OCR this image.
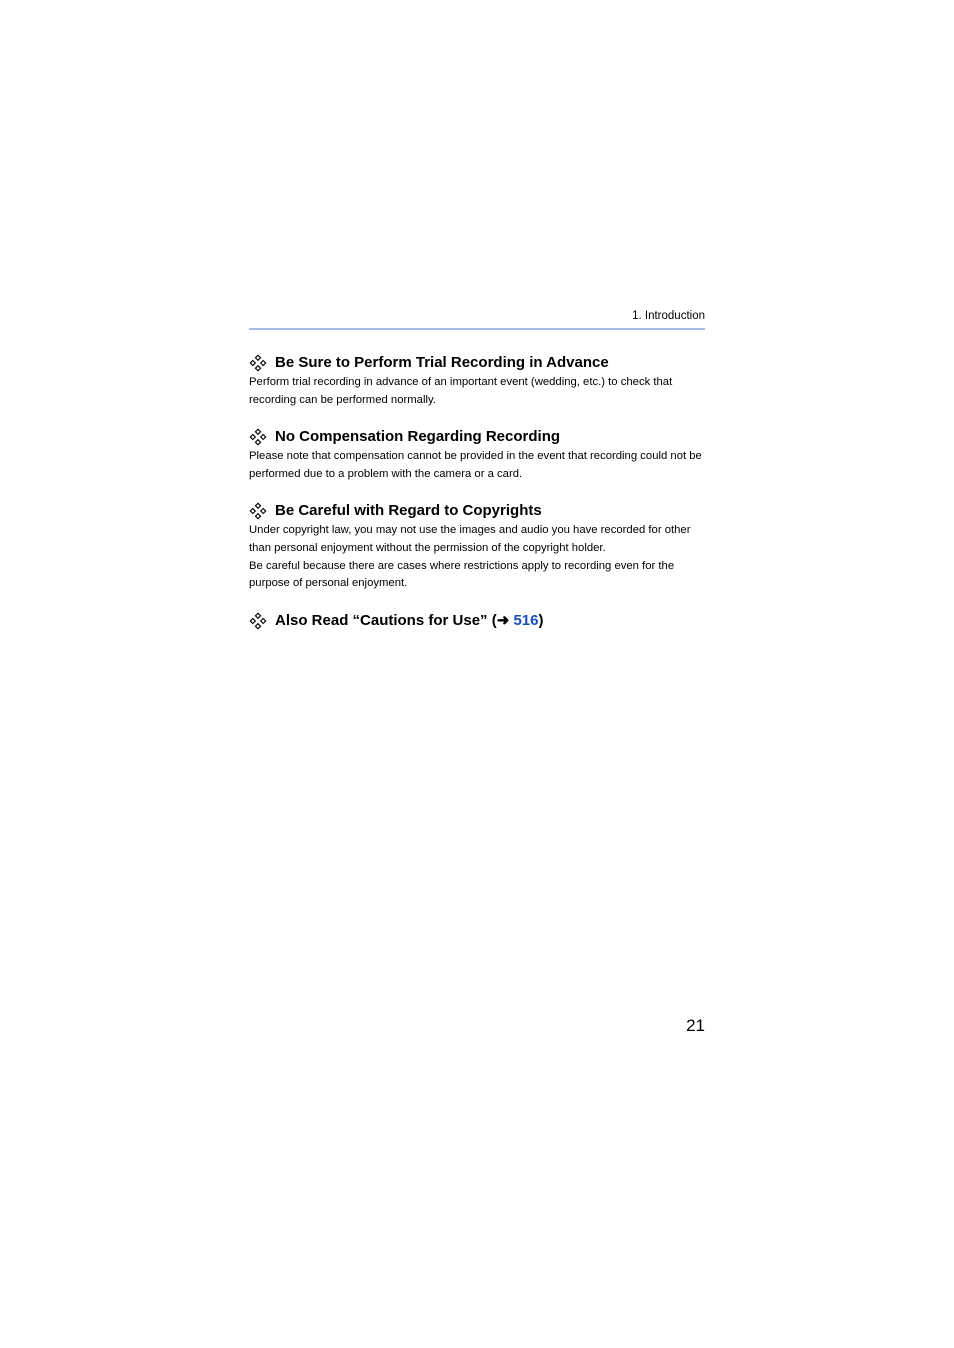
1. Introduction
Be Sure to Perform Trial Recording in Advance

Perform trial recording in advance of an important event (wedding, etc.) to check that recording can be performed normally.

No Compensation Regarding Recording

Please note that compensation cannot be provided in the event that recording could not be performed due to a problem with the camera or a card.

Be Careful with Regard to Copyrights

Under copyright law, you may not use the images and audio you have recorded for other than personal enjoyment without the permission of the copyright holder.

Be careful because there are cases where restrictions apply to recording even for the purpose of personal enjoyment.

Also Read “Cautions for Use” (➜ 516)
21
